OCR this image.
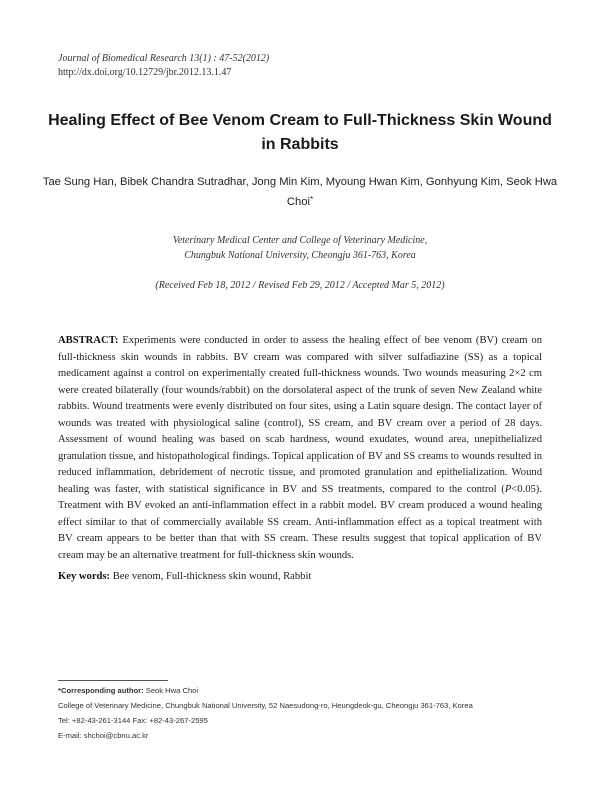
Journal of Biomedical Research 13(1) : 47-52(2012)
http://dx.doi.org/10.12729/jbr.2012.13.1.47
Healing Effect of Bee Venom Cream to Full-Thickness Skin Wound in Rabbits
Tae Sung Han, Bibek Chandra Sutradhar, Jong Min Kim, Myoung Hwan Kim, Gonhyung Kim, Seok Hwa Choi*
Veterinary Medical Center and College of Veterinary Medicine,
Chungbuk National University, Cheongju 361-763, Korea
(Received Feb 18, 2012 / Revised Feb 29, 2012 / Accepted Mar 5, 2012)

ABSTRACT: Experiments were conducted in order to assess the healing effect of bee venom (BV) cream on full-thickness skin wounds in rabbits. BV cream was compared with silver sulfadiazine (SS) as a topical medicament against a control on experimentally created full-thickness wounds. Two wounds measuring 2×2 cm were created bilaterally (four wounds/rabbit) on the dorsolateral aspect of the trunk of seven New Zealand white rabbits. Wound treatments were evenly distributed on four sites, using a Latin square design. The contact layer of wounds was treated with physiological saline (control), SS cream, and BV cream over a period of 28 days. Assessment of wound healing was based on scab hardness, wound exudates, wound area, unepithelialized granulation tissue, and histopathological findings. Topical application of BV and SS creams to wounds resulted in reduced inflammation, debridement of necrotic tissue, and promoted granulation and epithelialization. Wound healing was faster, with statistical significance in BV and SS treatments, compared to the control (P<0.05). Treatment with BV evoked an anti-inflammation effect in a rabbit model. BV cream produced a wound healing effect similar to that of commercially available SS cream. Anti-inflammation effect as a topical treatment with BV cream appears to be better than that with SS cream. These results suggest that topical application of BV cream may be an alternative treatment for full-thickness skin wounds.

Key words: Bee venom, Full-thickness skin wound, Rabbit
*Corresponding author: Seok Hwa Choi
College of Veterinary Medicine, Chungbuk National University, 52 Naesudong-ro, Heungdeok-gu, Cheongju 361-763, Korea
Tel: +82-43-261-3144 Fax: +82-43-267-2595
E-mail: shchoi@cbnu.ac.kr
